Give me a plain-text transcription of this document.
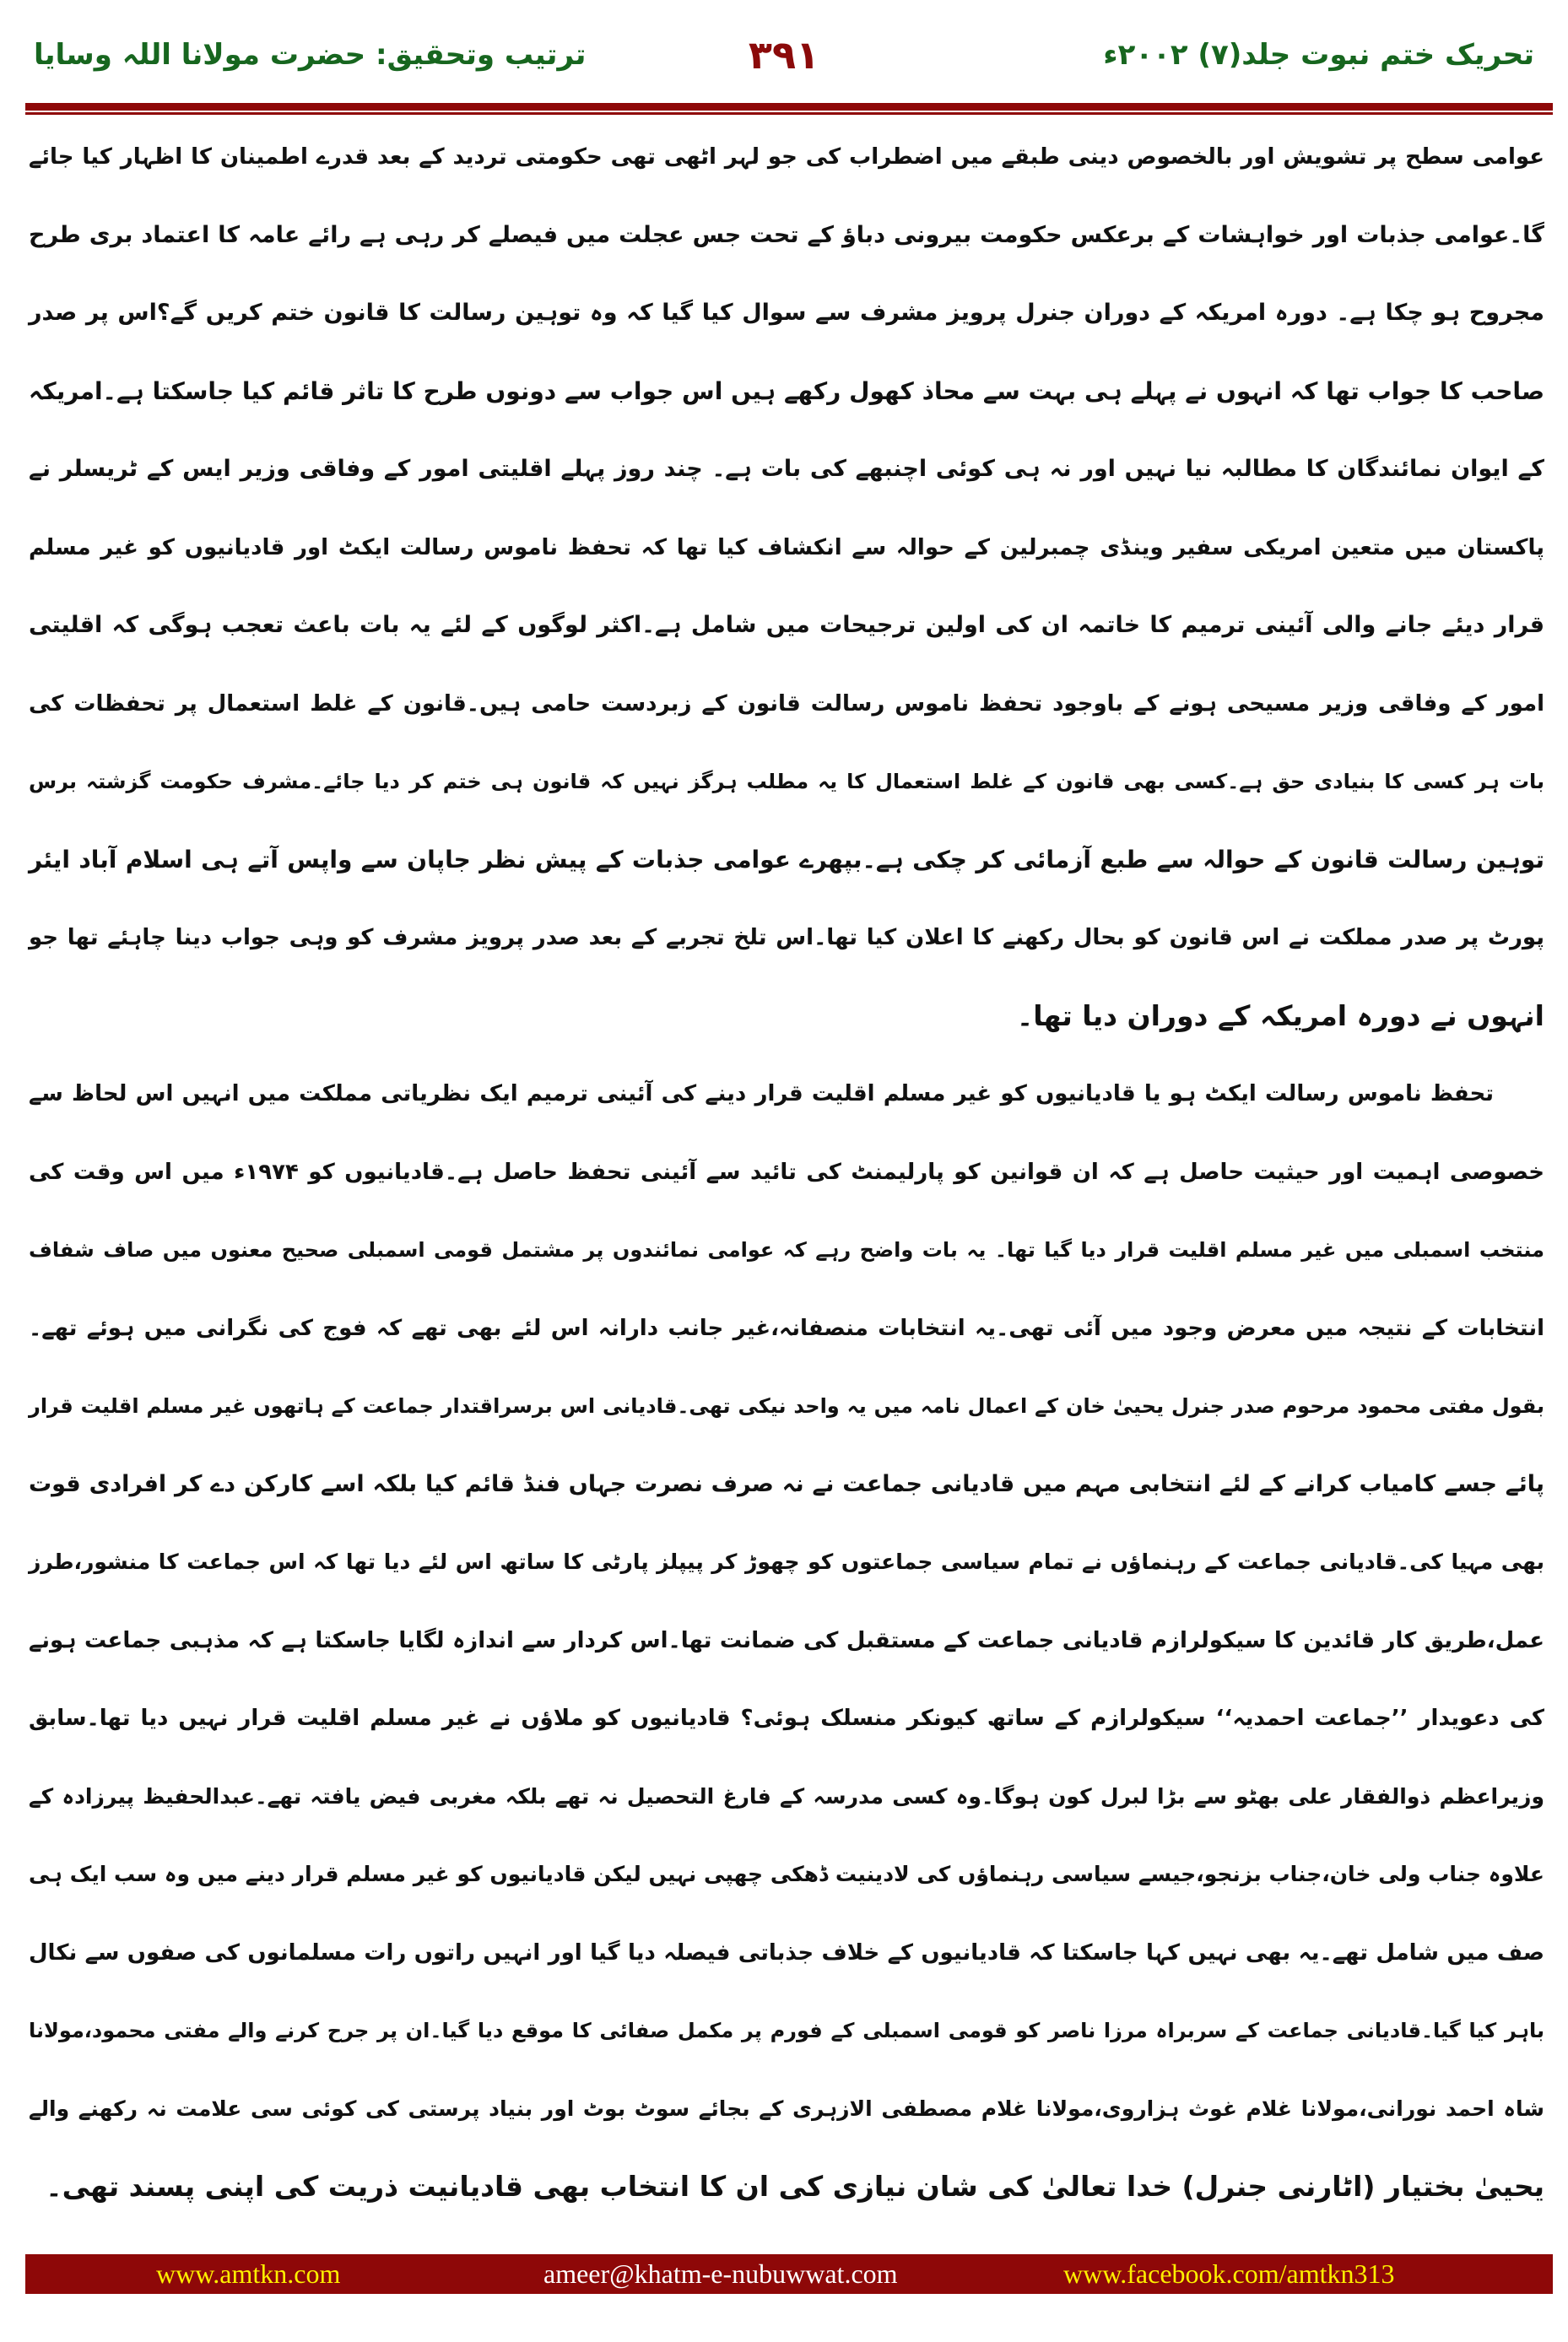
تحریک ختم نبوت جلد(۷) ۲۰۰۲ء
۳۹۱
ترتیب وتحقیق: حضرت مولانا اللہ وسایا
عوامی سطح پر تشویش اور بالخصوص دینی طبقے میں اضطراب کی جو لہر اٹھی تھی حکومتی تردید کے بعد قدرے اطمینان کا اظہار کیا جائے
گا۔عوامی جذبات اور خواہشات کے برعکس حکومت بیرونی دباؤ کے تحت جس عجلت میں فیصلے کر رہی ہے رائے عامہ کا اعتماد بری طرح
مجروح ہو چکا ہے۔ دورہ امریکہ کے دوران جنرل پرویز مشرف سے سوال کیا گیا کہ وہ توہین رسالت کا قانون ختم کریں گے؟اس پر صدر
صاحب کا جواب تھا کہ انہوں نے پہلے ہی بہت سے محاذ کھول رکھے ہیں اس جواب سے دونوں طرح کا تاثر قائم کیا جاسکتا ہے۔امریکہ
کے ایوان نمائندگان کا مطالبہ نیا نہیں اور نہ ہی کوئی اچنبھے کی بات ہے۔ چند روز پہلے اقلیتی امور کے وفاقی وزیر ایس کے ٹریسلر نے
پاکستان میں متعین امریکی سفیر وینڈی چمبرلین کے حوالہ سے انکشاف کیا تھا کہ تحفظ ناموس رسالت ایکٹ اور قادیانیوں کو غیر مسلم
قرار دیئے جانے والی آئینی ترمیم کا خاتمہ ان کی اولین ترجیحات میں شامل ہے۔اکثر لوگوں کے لئے یہ بات باعث تعجب ہوگی کہ اقلیتی
امور کے وفاقی وزیر مسیحی ہونے کے باوجود تحفظ ناموس رسالت قانون کے زبردست حامی ہیں۔قانون کے غلط استعمال پر تحفظات کی
بات ہر کسی کا بنیادی حق ہے۔کسی بھی قانون کے غلط استعمال کا یہ مطلب ہرگز نہیں کہ قانون ہی ختم کر دیا جائے۔مشرف حکومت گزشتہ برس
توہین رسالت قانون کے حوالہ سے طبع آزمائی کر چکی ہے۔بپھرے عوامی جذبات کے پیش نظر جاپان سے واپس آتے ہی اسلام آباد ایئر
پورٹ پر صدر مملکت نے اس قانون کو بحال رکھنے کا اعلان کیا تھا۔اس تلخ تجربے کے بعد صدر پرویز مشرف کو وہی جواب دینا چاہئے تھا جو
انہوں نے دورہ امریکہ کے دوران دیا تھا۔
تحفظ ناموس رسالت ایکٹ ہو یا قادیانیوں کو غیر مسلم اقلیت قرار دینے کی آئینی ترمیم ایک نظریاتی مملکت میں انہیں اس لحاظ سے
خصوصی اہمیت اور حیثیت حاصل ہے کہ ان قوانین کو پارلیمنٹ کی تائید سے آئینی تحفظ حاصل ہے۔قادیانیوں کو ۱۹۷۴ء میں اس وقت کی
منتخب اسمبلی میں غیر مسلم اقلیت قرار دیا گیا تھا۔ یہ بات واضح رہے کہ عوامی نمائندوں پر مشتمل قومی اسمبلی صحیح معنوں میں صاف شفاف
انتخابات کے نتیجہ میں معرض وجود میں آئی تھی۔یہ انتخابات منصفانہ،غیر جانب دارانہ اس لئے بھی تھے کہ فوج کی نگرانی میں ہوئے تھے۔
بقول مفتی محمود مرحوم صدر جنرل یحییٰ خان کے اعمال نامہ میں یہ واحد نیکی تھی۔قادیانی اس برسراقتدار جماعت کے ہاتھوں غیر مسلم اقلیت قرار
پائے جسے کامیاب کرانے کے لئے انتخابی مہم میں قادیانی جماعت نے نہ صرف نصرت جہاں فنڈ قائم کیا بلکہ اسے کارکن دے کر افرادی قوت
بھی مہیا کی۔قادیانی جماعت کے رہنماؤں نے تمام سیاسی جماعتوں کو چھوڑ کر پیپلز پارٹی کا ساتھ اس لئے دیا تھا کہ اس جماعت کا منشور،طرز
عمل،طریق کار قائدین کا سیکولرازم قادیانی جماعت کے مستقبل کی ضمانت تھا۔اس کردار سے اندازہ لگایا جاسکتا ہے کہ مذہبی جماعت ہونے
کی دعویدار ’’جماعت احمدیہ‘‘ سیکولرازم کے ساتھ کیونکر منسلک ہوئی؟ قادیانیوں کو ملاؤں نے غیر مسلم اقلیت قرار نہیں دیا تھا۔سابق
وزیراعظم ذوالفقار علی بھٹو سے بڑا لبرل کون ہوگا۔وہ کسی مدرسہ کے فارغ التحصیل نہ تھے بلکہ مغربی فیض یافتہ تھے۔عبدالحفیظ پیرزادہ کے
علاوہ جناب ولی خان،جناب بزنجو،جیسے سیاسی رہنماؤں کی لادینیت ڈھکی چھپی نہیں لیکن قادیانیوں کو غیر مسلم قرار دینے میں وہ سب ایک ہی
صف میں شامل تھے۔یہ بھی نہیں کہا جاسکتا کہ قادیانیوں کے خلاف جذباتی فیصلہ دیا گیا اور انہیں راتوں رات مسلمانوں کی صفوں سے نکال
باہر کیا گیا۔قادیانی جماعت کے سربراہ مرزا ناصر کو قومی اسمبلی کے فورم پر مکمل صفائی کا موقع دیا گیا۔ان پر جرح کرنے والے مفتی محمود،مولانا
شاہ احمد نورانی،مولانا غلام غوث ہزاروی،مولانا غلام مصطفی الازہری کے بجائے سوٹ بوٹ اور بنیاد پرستی کی کوئی سی علامت نہ رکھنے والے
یحییٰ بختیار (اٹارنی جنرل) خدا تعالیٰ کی شان نیازی کی ان کا انتخاب بھی قادیانیت ذریت کی اپنی پسند تھی۔
www.amtkn.com	ameer@khatm-e-nubuwwat.com	www.facebook.com/amtkn313
